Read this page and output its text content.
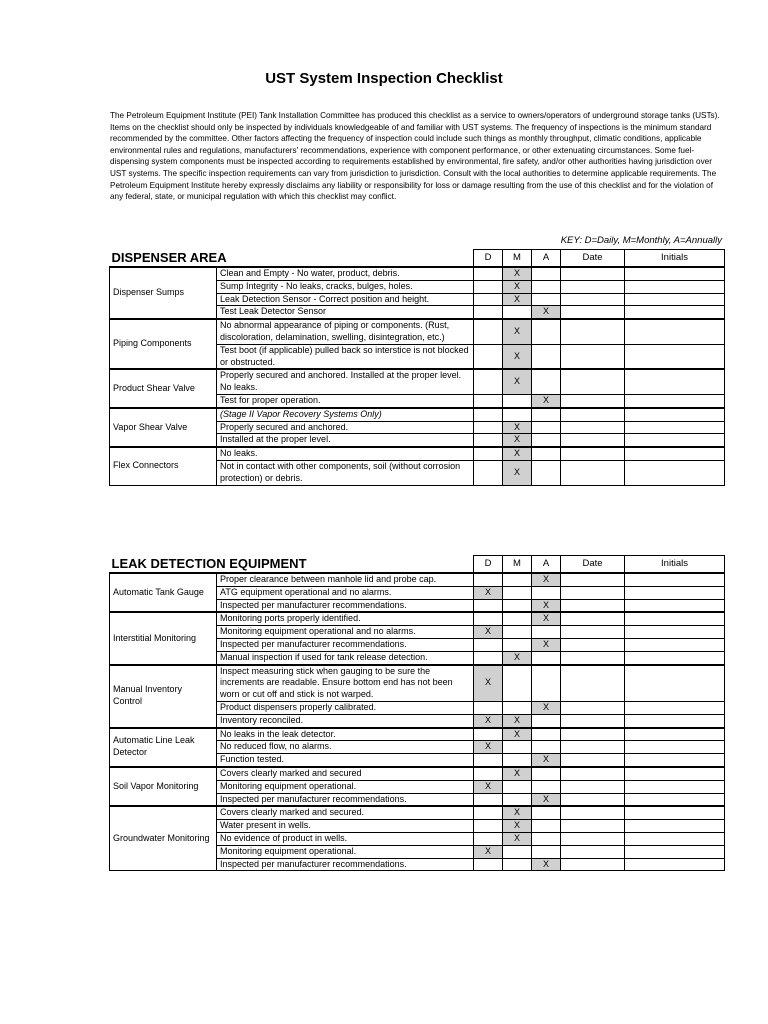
UST System Inspection Checklist
The Petroleum Equipment Institute (PEI) Tank Installation Committee has produced this checklist as a service to owners/operators of underground storage tanks (USTs). Items on the checklist should only be inspected by individuals knowledgeable of and familiar with UST systems. The frequency of inspections is the minimum standard recommended by the committee. Other factors affecting the frequency of inspection could include such things as monthly throughput, climatic conditions, applicable environmental rules and regulations, manufacturers' recommendations, experience with component performance, or other extenuating circumstances. Some fuel-dispensing system components must be inspected according to requirements established by environmental, fire safety, and/or other authorities having jurisdiction over UST systems. The specific inspection requirements can vary from jurisdiction to jurisdiction. Consult with the local authorities to determine applicable requirements. The Petroleum Equipment Institute hereby expressly disclaims any liability or responsibility for loss or damage resulting from the use of this checklist and for the violation of any federal, state, or municipal regulation with which this checklist may conflict.
KEY: D=Daily, M=Monthly, A=Annually
DISPENSER AREA		D	M	A	Date	Initials
Dispenser Sumps	Clean and Empty - No water, product, debris.		X			
	Sump Integrity - No leaks, cracks, bulges, holes.		X			
	Leak Detection Sensor - Correct position and height.		X			
	Test Leak Detector Sensor			X		
Piping Components	No abnormal appearance of piping or components. (Rust, discoloration, delamination, swelling, disintegration, etc.)		X			
	Test boot (if applicable) pulled back so interstice is not blocked or obstructed.		X			
Product Shear Valve	Properly secured and anchored. Installed at the proper level. No leaks.		X			
	Test for proper operation.			X		
Vapor Shear Valve	(Stage II Vapor Recovery Systems Only)					
	Properly secured and anchored.		X			
	Installed at the proper level.		X			
Flex Connectors	No leaks.		X			
	Not in contact with other components, soil (without corrosion protection) or debris.		X			
LEAK DETECTION EQUIPMENT		D	M	A	Date	Initials
Automatic Tank Gauge	Proper clearance between manhole lid and probe cap.			X		
	ATG equipment operational and no alarms.	X				
	Inspected per manufacturer recommendations.			X		
Interstitial Monitoring	Monitoring ports properly identified.			X		
	Monitoring equipment operational and no alarms.	X				
	Inspected per manufacturer recommendations.			X		
	Manual inspection if used for tank release detection.		X			
Manual Inventory Control	Inspect measuring stick when gauging to be sure the increments are readable. Ensure bottom end has not been worn or cut off and stick is not warped.	X				
	Product dispensers properly calibrated.			X		
	Inventory reconciled.	X	X			
Automatic Line Leak Detector	No leaks in the leak detector.		X			
	No reduced flow, no alarms.	X				
	Function tested.			X		
Soil Vapor Monitoring	Covers clearly marked and secured		X			
	Monitoring equipment operational.	X				
	Inspected per manufacturer recommendations.			X		
Groundwater Monitoring	Covers clearly marked and secured.		X			
	Water present in wells.		X			
	No evidence of product in wells.		X			
	Monitoring equipment operational.	X				
	Inspected per manufacturer recommendations.			X		
